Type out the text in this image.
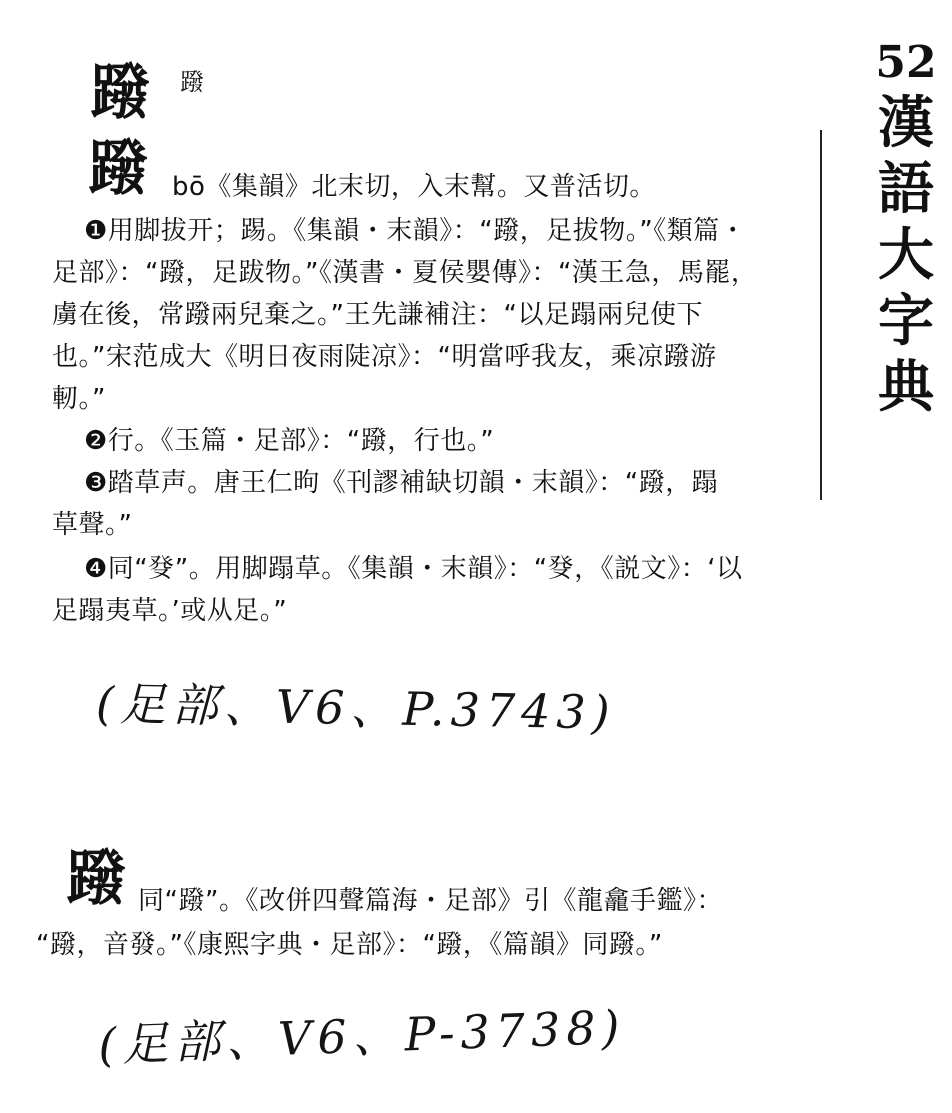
52
漢
語
大
字
典
蹳 蹳
蹳 bō《集韻》北末切，入末幫。又普活切。
❶用脚拔开；踢。《集韻・末韻》：“蹳，足拔物。”《類篇・
足部》：“蹳，足跋物。”《漢書・夏侯嬰傳》：“漢王急，馬罷，
虜在後，常蹳兩兒棄之。”王先謙補注：“以足蹋兩兒使下
也。”宋范成大《明日夜雨陡凉》：“明當呼我友，乘凉蹳游
軔。”
❷行。《玉篇・足部》：“蹳，行也。”
❸踏草声。唐王仁昫《刊謬補缺切韻・末韻》：“蹳，蹋
草聲。”
❹同“癹”。用脚蹋草。《集韻・末韻》：“癹，《説文》：‘以
足蹋夷草。’或从足。”
(足部、V6、P.3743)
蹳 同“蹳”。《改併四聲篇海・足部》引《龍龕手鑑》：
“蹳，音發。”《康熙字典・足部》：“蹳，《篇韻》同蹳。”
(足部、V6、P-3738)
